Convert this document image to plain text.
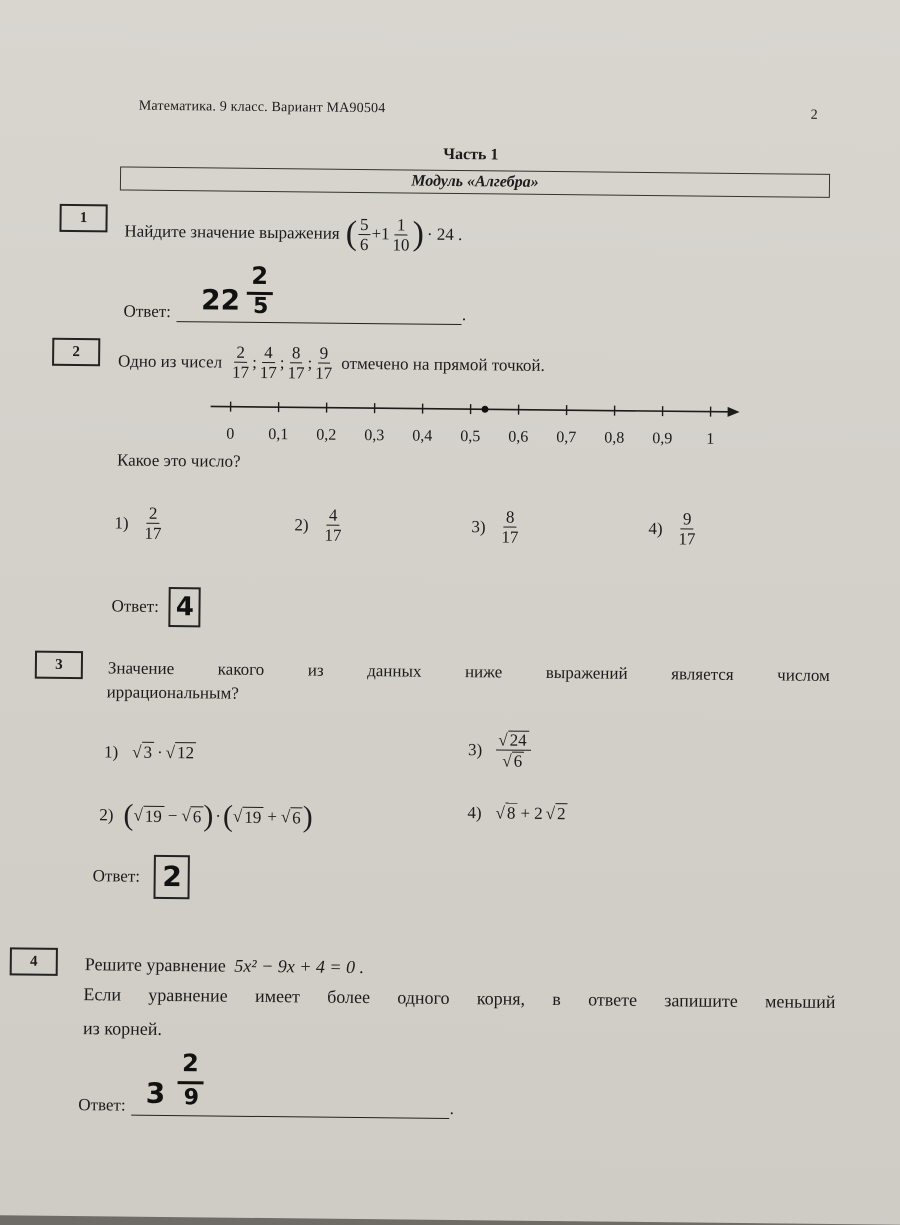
Математика. 9 класс. Вариант МА90504	2
Часть 1
Модуль «Алгебра»
1
Найдите значение выражения ( $\frac{5}{6} +1 \frac{1}{10}$ ) · 24 .
Ответ: 22
2
5	.
2	Одно из чисел $\frac{2}{17}$ ; $\frac{4}{17}$ ; $\frac{8}{17}$ ; $\frac{9}{17}$ отмечено на прямой точкой.
0 0,1 0,2 0,3 0,4 0,5 0,6 0,7 0,8 0,9 1
Какое это число?
$1) \frac{2}{17}$	$2) \frac{4}{17}$	$3) \frac{8}{17}$	$4) \frac{9}{17}$
Ответ: 4
3	Значение какого из данных ниже выражений является числом
иррациональным?
1) √ 3 · √ 12
2) ( √ 19 − √ 6 ) · ( √ 19 + √ 6 )
$3) \frac{√ 24}{√ 6}$
4) √ 8 + 2 √ 2
Ответ: 2
4	Решите уравнение 5x² − 9x + 4 = 0 .
Если уравнение имеет более одного корня, в ответе запишите меньший
из корней.
Ответ: 3
2
9	.
